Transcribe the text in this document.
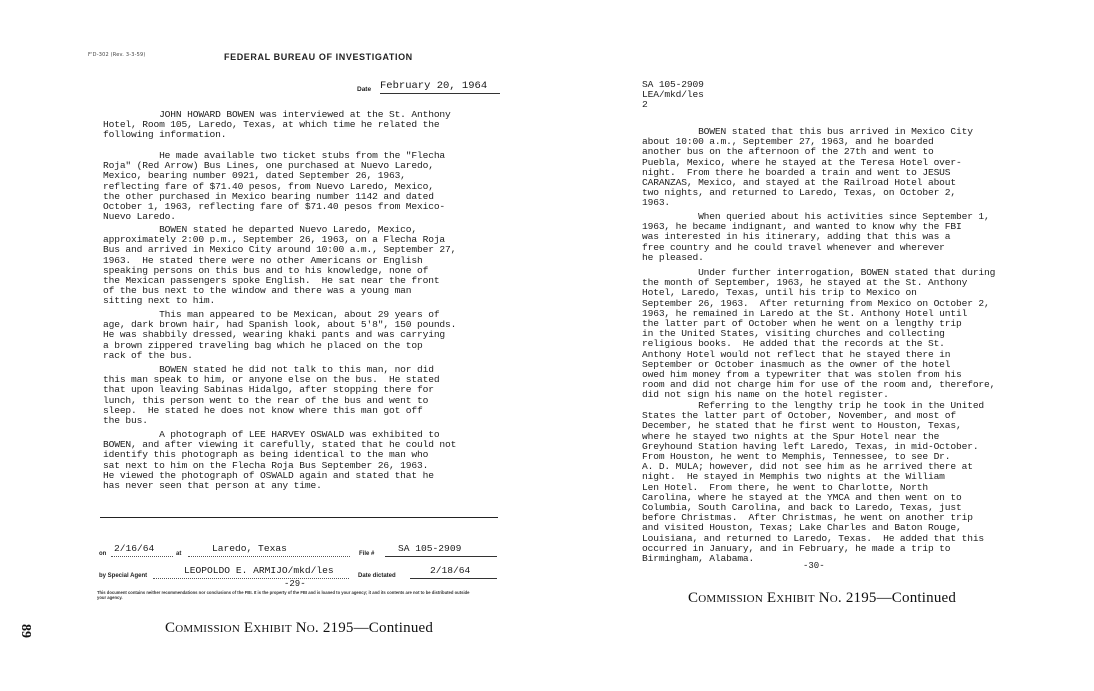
F'D-302 (Rev. 3-3-59)	FEDERAL BUREAU OF INVESTIGATION
Date February 20, 1964
JOHN HOWARD BOWEN was interviewed at the St. Anthony
Hotel, Room 105, Laredo, Texas, at which time he related the
following information.
He made available two ticket stubs from the "Flecha
Roja" (Red Arrow) Bus Lines, one purchased at Nuevo Laredo,
Mexico, bearing number 0921, dated September 26, 1963,
reflecting fare of $71.40 pesos, from Nuevo Laredo, Mexico,
the other purchased in Mexico bearing number 1142 and dated
October 1, 1963, reflecting fare of $71.40 pesos from Mexico-
Nuevo Laredo.
BOWEN stated he departed Nuevo Laredo, Mexico,
approximately 2:00 p.m., September 26, 1963, on a Flecha Roja
Bus and arrived in Mexico City around 10:00 a.m., September 27,
1963.  He stated there were no other Americans or English
speaking persons on this bus and to his knowledge, none of
the Mexican passengers spoke English.  He sat near the front
of the bus next to the window and there was a young man
sitting next to him.
This man appeared to be Mexican, about 29 years of
age, dark brown hair, had Spanish look, about 5'8", 150 pounds.
He was shabbily dressed, wearing khaki pants and was carrying
a brown zippered traveling bag which he placed on the top
rack of the bus.
BOWEN stated he did not talk to this man, nor did
this man speak to him, or anyone else on the bus.  He stated
that upon leaving Sabinas Hidalgo, after stopping there for
lunch, this person went to the rear of the bus and went to
sleep.  He stated he does not know where this man got off
the bus.
A photograph of LEE HARVEY OSWALD was exhibited to
BOWEN, and after viewing it carefully, stated that he could not
identify this photograph as being identical to the man who
sat next to him on the Flecha Roja Bus September 26, 1963.
He viewed the photograph of OSWALD again and stated that he
has never seen that person at any time.
on 2/16/64	at	Laredo, Texas	File # SA 105-2909
by Special Agent	LEOPOLDO E. ARMIJO/mkd/les	Date dictated	2/18/64
-29-
This document contains neither recommendations nor conclusions of the FBI. It is the property of the FBI and is loaned to your agency; it and its contents are not to be distributed outside your agency.
Commission Exhibit No. 2195—Continued
89
SA 105-2909
LEA/mkd/les
2
BOWEN stated that this bus arrived in Mexico City
about 10:00 a.m., September 27, 1963, and he boarded
another bus on the afternoon of the 27th and went to
Puebla, Mexico, where he stayed at the Teresa Hotel over-
night.  From there he boarded a train and went to JESUS
CARANZAS, Mexico, and stayed at the Railroad Hotel about
two nights, and returned to Laredo, Texas, on October 2,
1963.
When queried about his activities since September 1,
1963, he became indignant, and wanted to know why the FBI
was interested in his itinerary, adding that this was a
free country and he could travel whenever and wherever
he pleased.
Under further interrogation, BOWEN stated that during
the month of September, 1963, he stayed at the St. Anthony
Hotel, Laredo, Texas, until his trip to Mexico on
September 26, 1963.  After returning from Mexico on October 2,
1963, he remained in Laredo at the St. Anthony Hotel until
the latter part of October when he went on a lengthy trip
in the United States, visiting churches and collecting
religious books.  He added that the records at the St.
Anthony Hotel would not reflect that he stayed there in
September or October inasmuch as the owner of the hotel
owed him money from a typewriter that was stolen from his
room and did not charge him for use of the room and, therefore,
did not sign his name on the hotel register.
Referring to the lengthy trip he took in the United
States the latter part of October, November, and most of
December, he stated that he first went to Houston, Texas,
where he stayed two nights at the Spur Hotel near the
Greyhound Station having left Laredo, Texas, in mid-October.
From Houston, he went to Memphis, Tennessee, to see Dr.
A. D. MULA; however, did not see him as he arrived there at
night.  He stayed in Memphis two nights at the William
Len Hotel.  From there, he went to Charlotte, North
Carolina, where he stayed at the YMCA and then went on to
Columbia, South Carolina, and back to Laredo, Texas, just
before Christmas.  After Christmas, he went on another trip
and visited Houston, Texas; Lake Charles and Baton Rouge,
Louisiana, and returned to Laredo, Texas.  He added that this
occurred in January, and in February, he made a trip to
Birmingham, Alabama.
-30-
Commission Exhibit No. 2195—Continued
